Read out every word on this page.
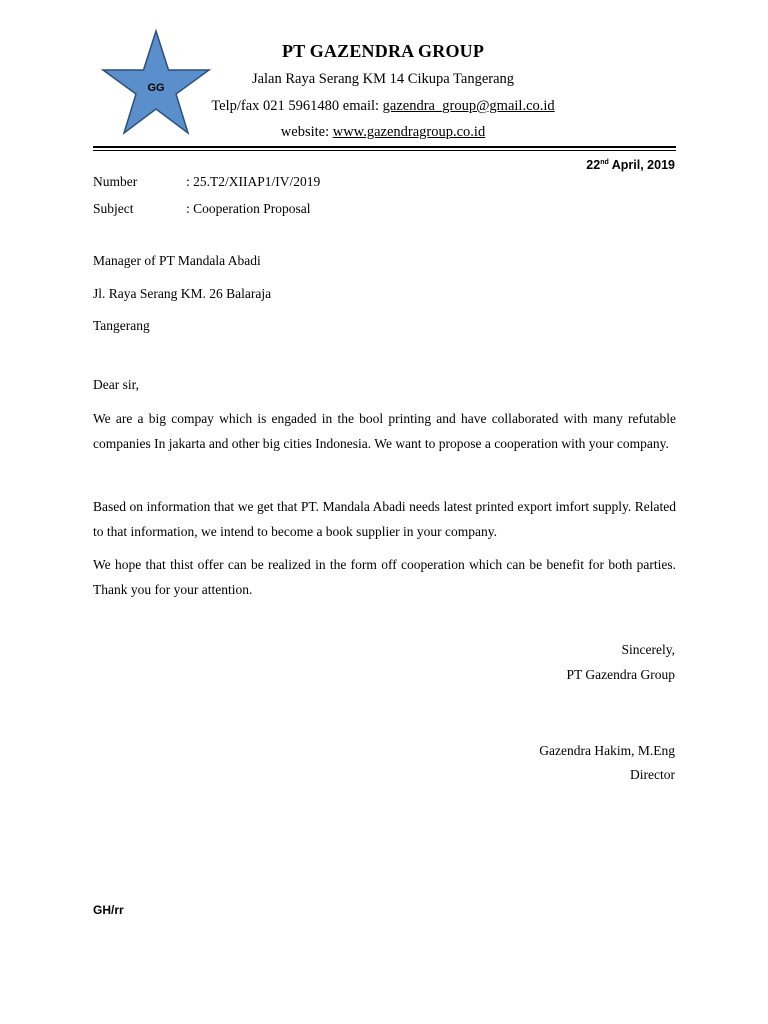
GG
PT GAZENDRA GROUP
Jalan Raya Serang KM 14 Cikupa Tangerang
Telp/fax 021 5961480 email: gazendra_group@gmail.co.id
website: www.gazendragroup.co.id
22nd April, 2019
Number	: 25.T2/XIIAP1/IV/2019
Subject	: Cooperation Proposal
Manager of PT Mandala Abadi
Jl. Raya Serang KM. 26 Balaraja
Tangerang
Dear sir,

We are a big compay which is engaded in the bool printing and have collaborated with many refutable companies In jakarta and other big cities Indonesia. We want to propose a cooperation with your company.

Based on information that we get that PT. Mandala Abadi needs latest printed export imfort supply. Related to that information, we intend to become a book supplier in your company.

We hope that thist offer can be realized in the form off cooperation which can be benefit for both parties. Thank you for your attention.

Sincerely,
PT Gazendra Group
Gazendra Hakim, M.Eng
Director
GH/rr
